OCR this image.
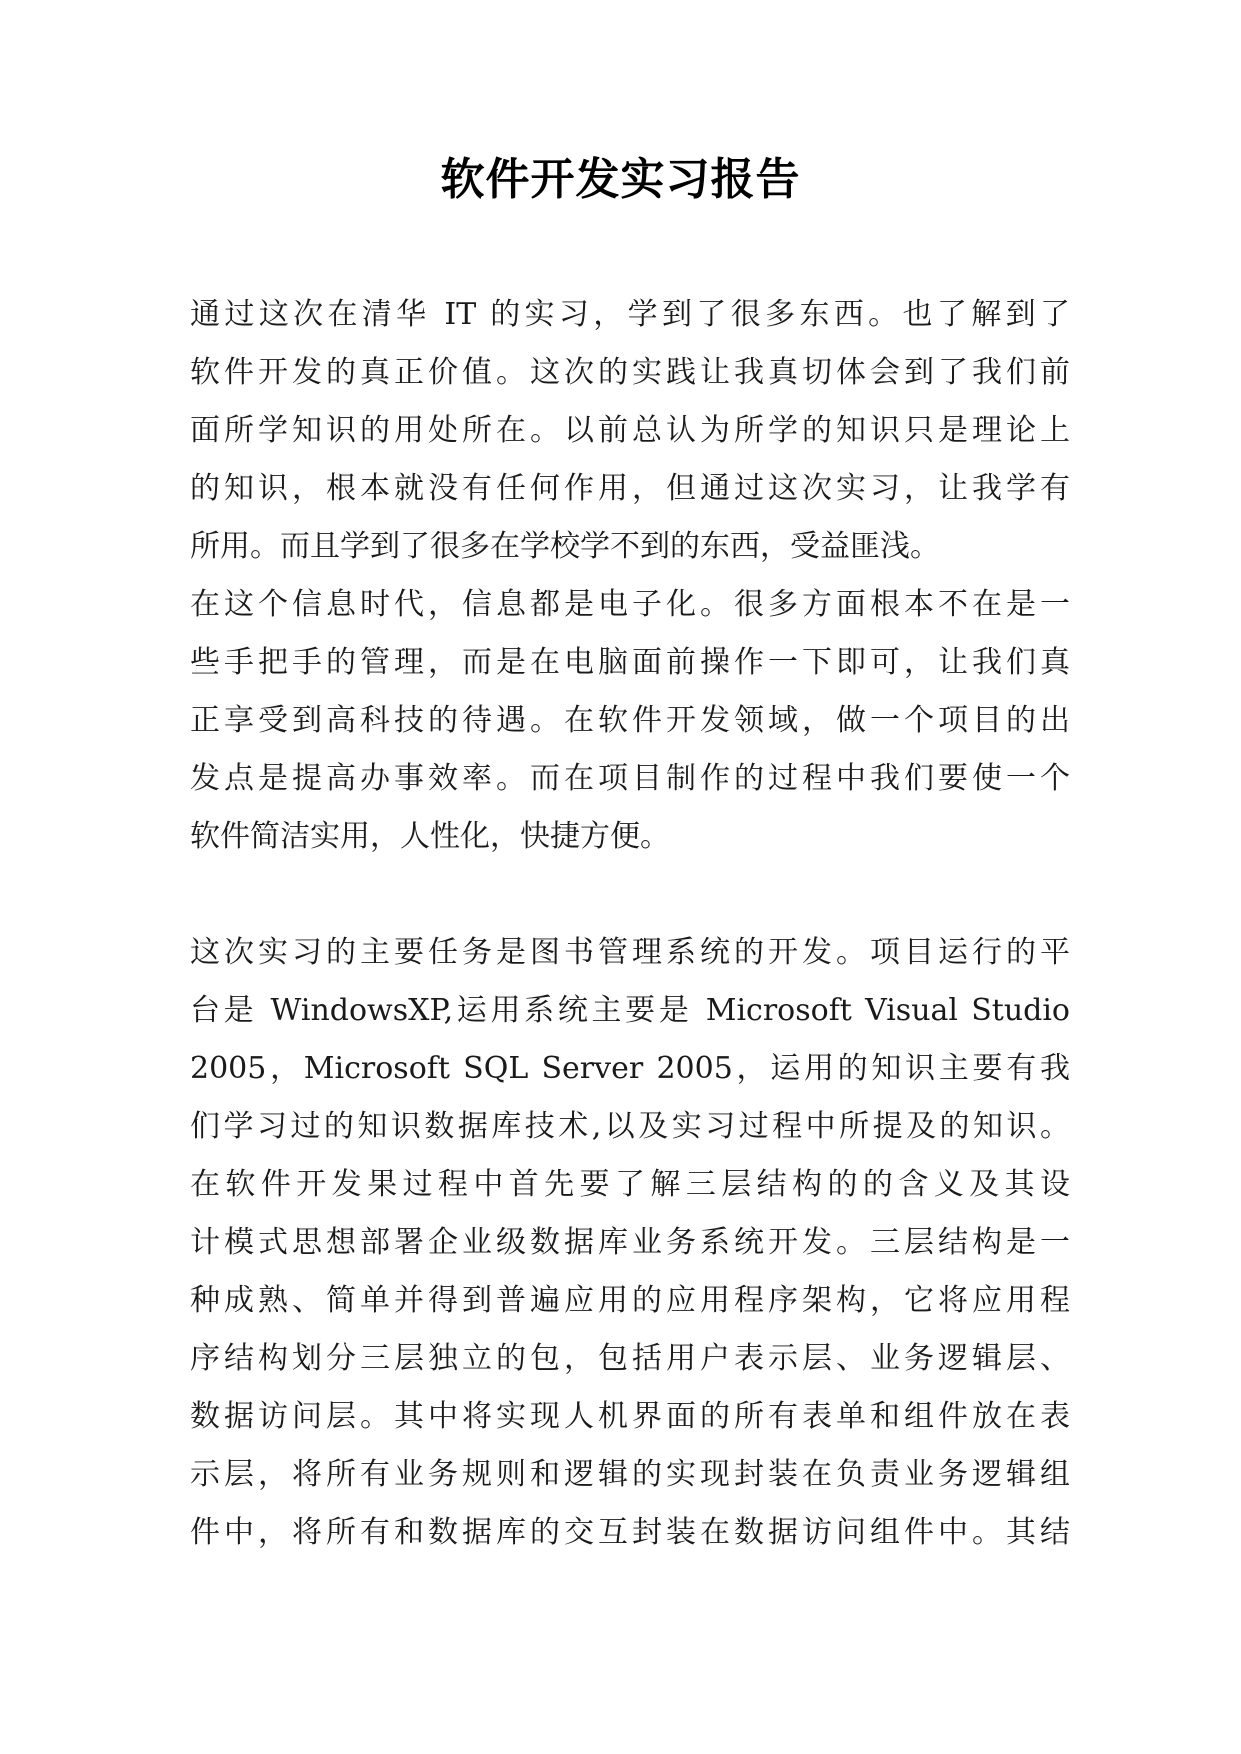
软件开发实习报告
通过这次在清华 IT 的实习，学到了很多东西。也了解到了
软件开发的真正价值。这次的实践让我真切体会到了我们前
面所学知识的用处所在。以前总认为所学的知识只是理论上
的知识，根本就没有任何作用，但通过这次实习，让我学有
所用。而且学到了很多在学校学不到的东西，受益匪浅。
在这个信息时代，信息都是电子化。很多方面根本不在是一
些手把手的管理，而是在电脑面前操作一下即可，让我们真
正享受到高科技的待遇。在软件开发领域，做一个项目的出
发点是提高办事效率。而在项目制作的过程中我们要使一个
软件简洁实用，人性化，快捷方便。
这次实习的主要任务是图书管理系统的开发。项目运行的平
台是 WindowsXP,运用系统主要是 Microsoft Visual Studio
2005，Microsoft SQL Server 2005，运用的知识主要有我
们学习过的知识数据库技术,以及实习过程中所提及的知识。
在软件开发果过程中首先要了解三层结构的的含义及其设
计模式思想部署企业级数据库业务系统开发。三层结构是一
种成熟、简单并得到普遍应用的应用程序架构，它将应用程
序结构划分三层独立的包，包括用户表示层、业务逻辑层、
数据访问层。其中将实现人机界面的所有表单和组件放在表
示层，将所有业务规则和逻辑的实现封装在负责业务逻辑组
件中，将所有和数据库的交互封装在数据访问组件中。其结
